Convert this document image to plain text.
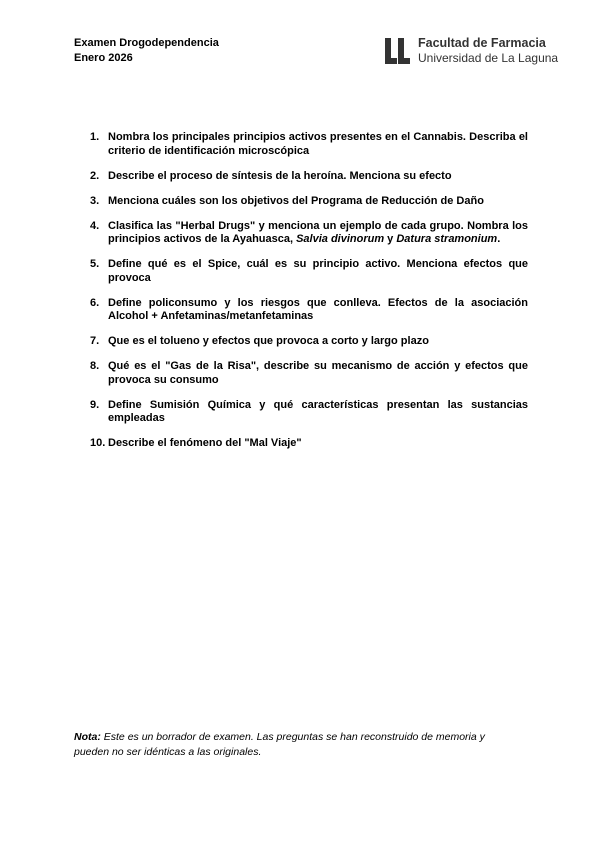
Examen Drogodependencia
Enero 2026
Facultad de Farmacia
Universidad de La Laguna
1. Nombra los principales principios activos presentes en el Cannabis. Describa el criterio de identificación microscópica
2. Describe el proceso de síntesis de la heroína. Menciona su efecto
3. Menciona cuáles son los objetivos del Programa de Reducción de Daño
4. Clasifica las "Herbal Drugs" y menciona un ejemplo de cada grupo. Nombra los principios activos de la Ayahuasca, Salvia divinorum y Datura stramonium.
5. Define qué es el Spice, cuál es su principio activo. Menciona efectos que provoca
6. Define policonsumo y los riesgos que conlleva. Efectos de la asociación Alcohol + Anfetaminas/metanfetaminas
7. Que es el tolueno y efectos que provoca a corto y largo plazo
8. Qué es el "Gas de la Risa", describe su mecanismo de acción y efectos que provoca su consumo
9. Define Sumisión Química y qué características presentan las sustancias empleadas
10. Describe el fenómeno del "Mal Viaje"
Nota: Este es un borrador de examen. Las preguntas se han reconstruido de memoria y pueden no ser idénticas a las originales.
